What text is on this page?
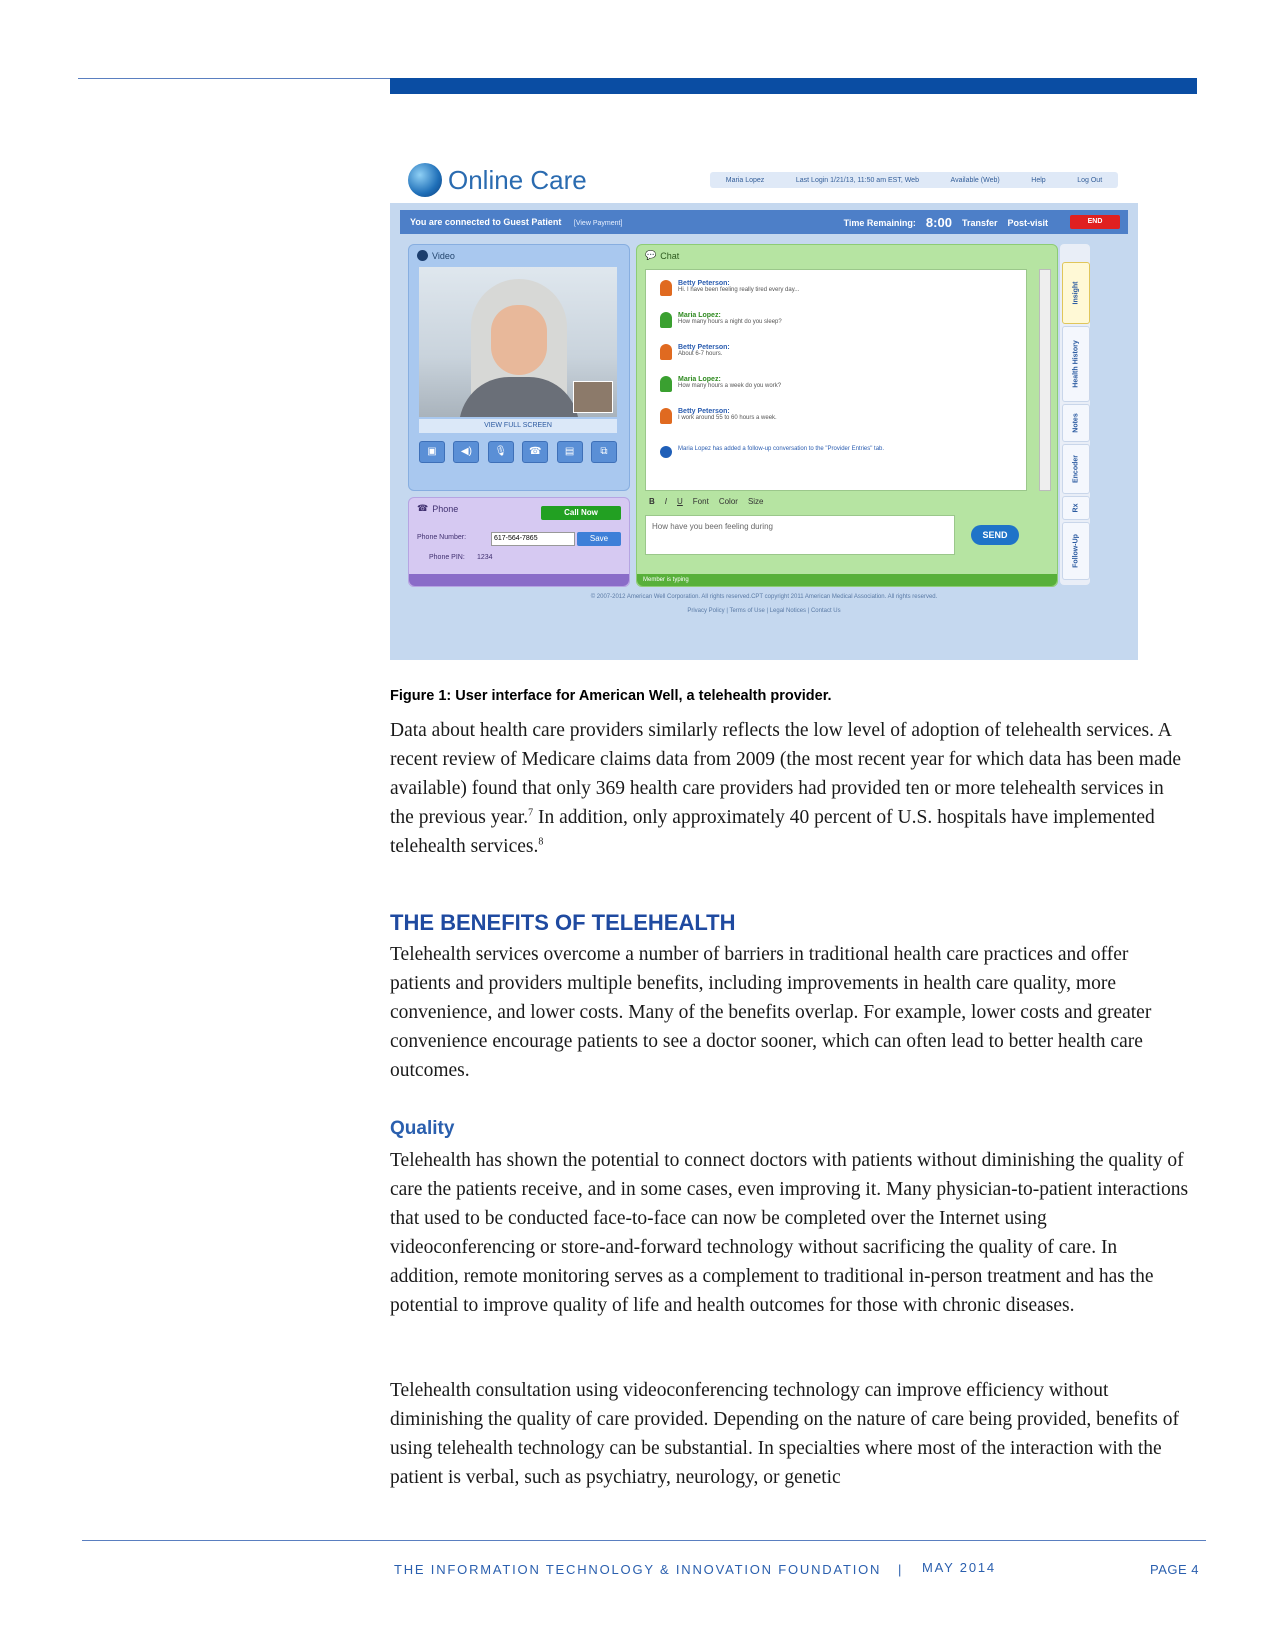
Online Care	Maria Lopez	Last Login 1/21/13, 11:50 am EST, Web	Available (Web)	Help	Log Out
You are connected to Guest Patient [View Payment]	Time Remaining: 8:00 Transfer Post-visit	END
Video
VIEW FULL SCREEN
▣	◀)	🎙	☎	▤	⧉
☎ Phone	Call Now
Phone Number:	617-564-7865	Save
Phone PIN: 1234
💬 Chat
Betty Peterson:
Hi. I have been feeling really tired every day...
Maria Lopez:
How many hours a night do you sleep?
Betty Peterson:
About 6-7 hours.
Maria Lopez:
How many hours a week do you work?
Betty Peterson:
I work around 55 to 60 hours a week.
Maria Lopez has added a follow-up conversation to the "Provider Entries" tab.
B I U Font Color Size
How have you been feeling during
SEND
Member is typing
Insight
Health History
Notes
Encoder
Rx
Follow-Up
© 2007-2012 American Well Corporation. All rights reserved.CPT copyright 2011 American Medical Association. All rights reserved.
Privacy Policy | Terms of Use | Legal Notices | Contact Us
Figure 1: User interface for American Well, a telehealth provider.

Data about health care providers similarly reflects the low level of adoption of telehealth services. A recent review of Medicare claims data from 2009 (the most recent year for which data has been made available) found that only 369 health care providers had provided ten or more telehealth services in the previous year.$^7$ In addition, only approximately 40 percent of U.S. hospitals have implemented telehealth services.$^8$

THE BENEFITS OF TELEHEALTH

Telehealth services overcome a number of barriers in traditional health care practices and offer patients and providers multiple benefits, including improvements in health care quality, more convenience, and lower costs. Many of the benefits overlap. For example, lower costs and greater convenience encourage patients to see a doctor sooner, which can often lead to better health care outcomes.

Quality

Telehealth has shown the potential to connect doctors with patients without diminishing the quality of care the patients receive, and in some cases, even improving it. Many physician-to-patient interactions that used to be conducted face-to-face can now be completed over the Internet using videoconferencing or store-and-forward technology without sacrificing the quality of care. In addition, remote monitoring serves as a complement to traditional in-person treatment and has the potential to improve quality of life and health outcomes for those with chronic diseases.

Telehealth consultation using videoconferencing technology can improve efficiency without diminishing the quality of care provided. Depending on the nature of care being provided, benefits of using telehealth technology can be substantial. In specialties where most of the interaction with the patient is verbal, such as psychiatry, neurology, or genetic

THE INFORMATION TECHNOLOGY & INNOVATION FOUNDATION | MAY 2014	PAGE 4
